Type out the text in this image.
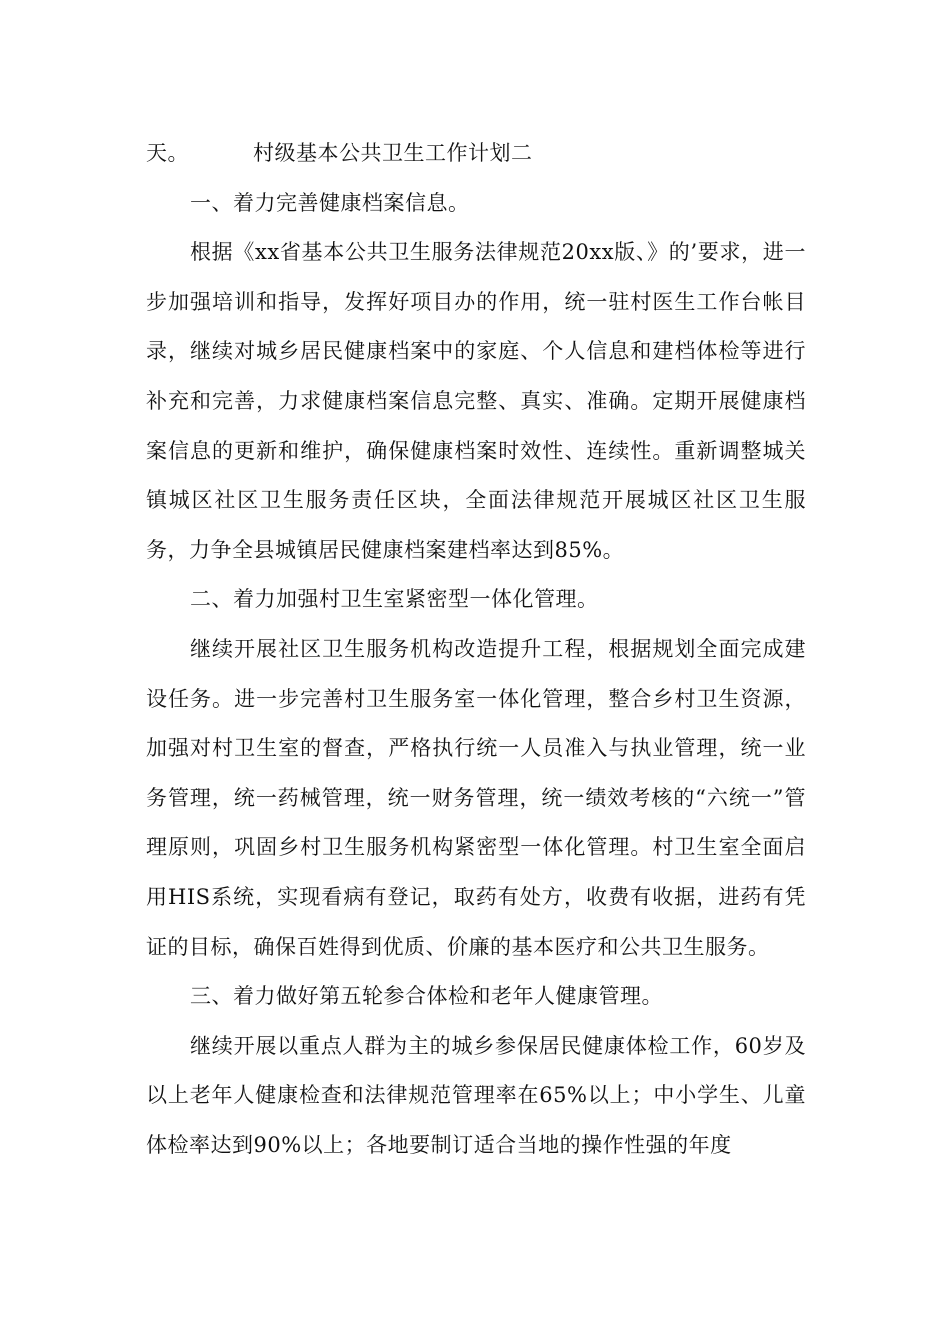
天。	村级基本公共卫生工作计划二

一、着力完善健康档案信息。

根据《xx省基本公共卫生服务法律规范20xx版、》的’要求，进一步加强培训和指导，发挥好项目办的作用，统一驻村医生工作台帐目录，继续对城乡居民健康档案中的家庭、个人信息和建档体检等进行补充和完善，力求健康档案信息完整、真实、准确。定期开展健康档案信息的更新和维护，确保健康档案时效性、连续性。重新调整城关镇城区社区卫生服务责任区块，全面法律规范开展城区社区卫生服务，力争全县城镇居民健康档案建档率达到85%。

二、着力加强村卫生室紧密型一体化管理。

继续开展社区卫生服务机构改造提升工程，根据规划全面完成建设任务。进一步完善村卫生服务室一体化管理，整合乡村卫生资源，加强对村卫生室的督查，严格执行统一人员准入与执业管理，统一业务管理，统一药械管理，统一财务管理，统一绩效考核的“六统一”管理原则，巩固乡村卫生服务机构紧密型一体化管理。村卫生室全面启用HIS系统，实现看病有登记，取药有处方，收费有收据，进药有凭证的目标，确保百姓得到优质、价廉的基本医疗和公共卫生服务。

三、着力做好第五轮参合体检和老年人健康管理。

继续开展以重点人群为主的城乡参保居民健康体检工作，60岁及以上老年人健康检查和法律规范管理率在65%以上；中小学生、儿童体检率达到90%以上；各地要制订适合当地的操作性强的年度
